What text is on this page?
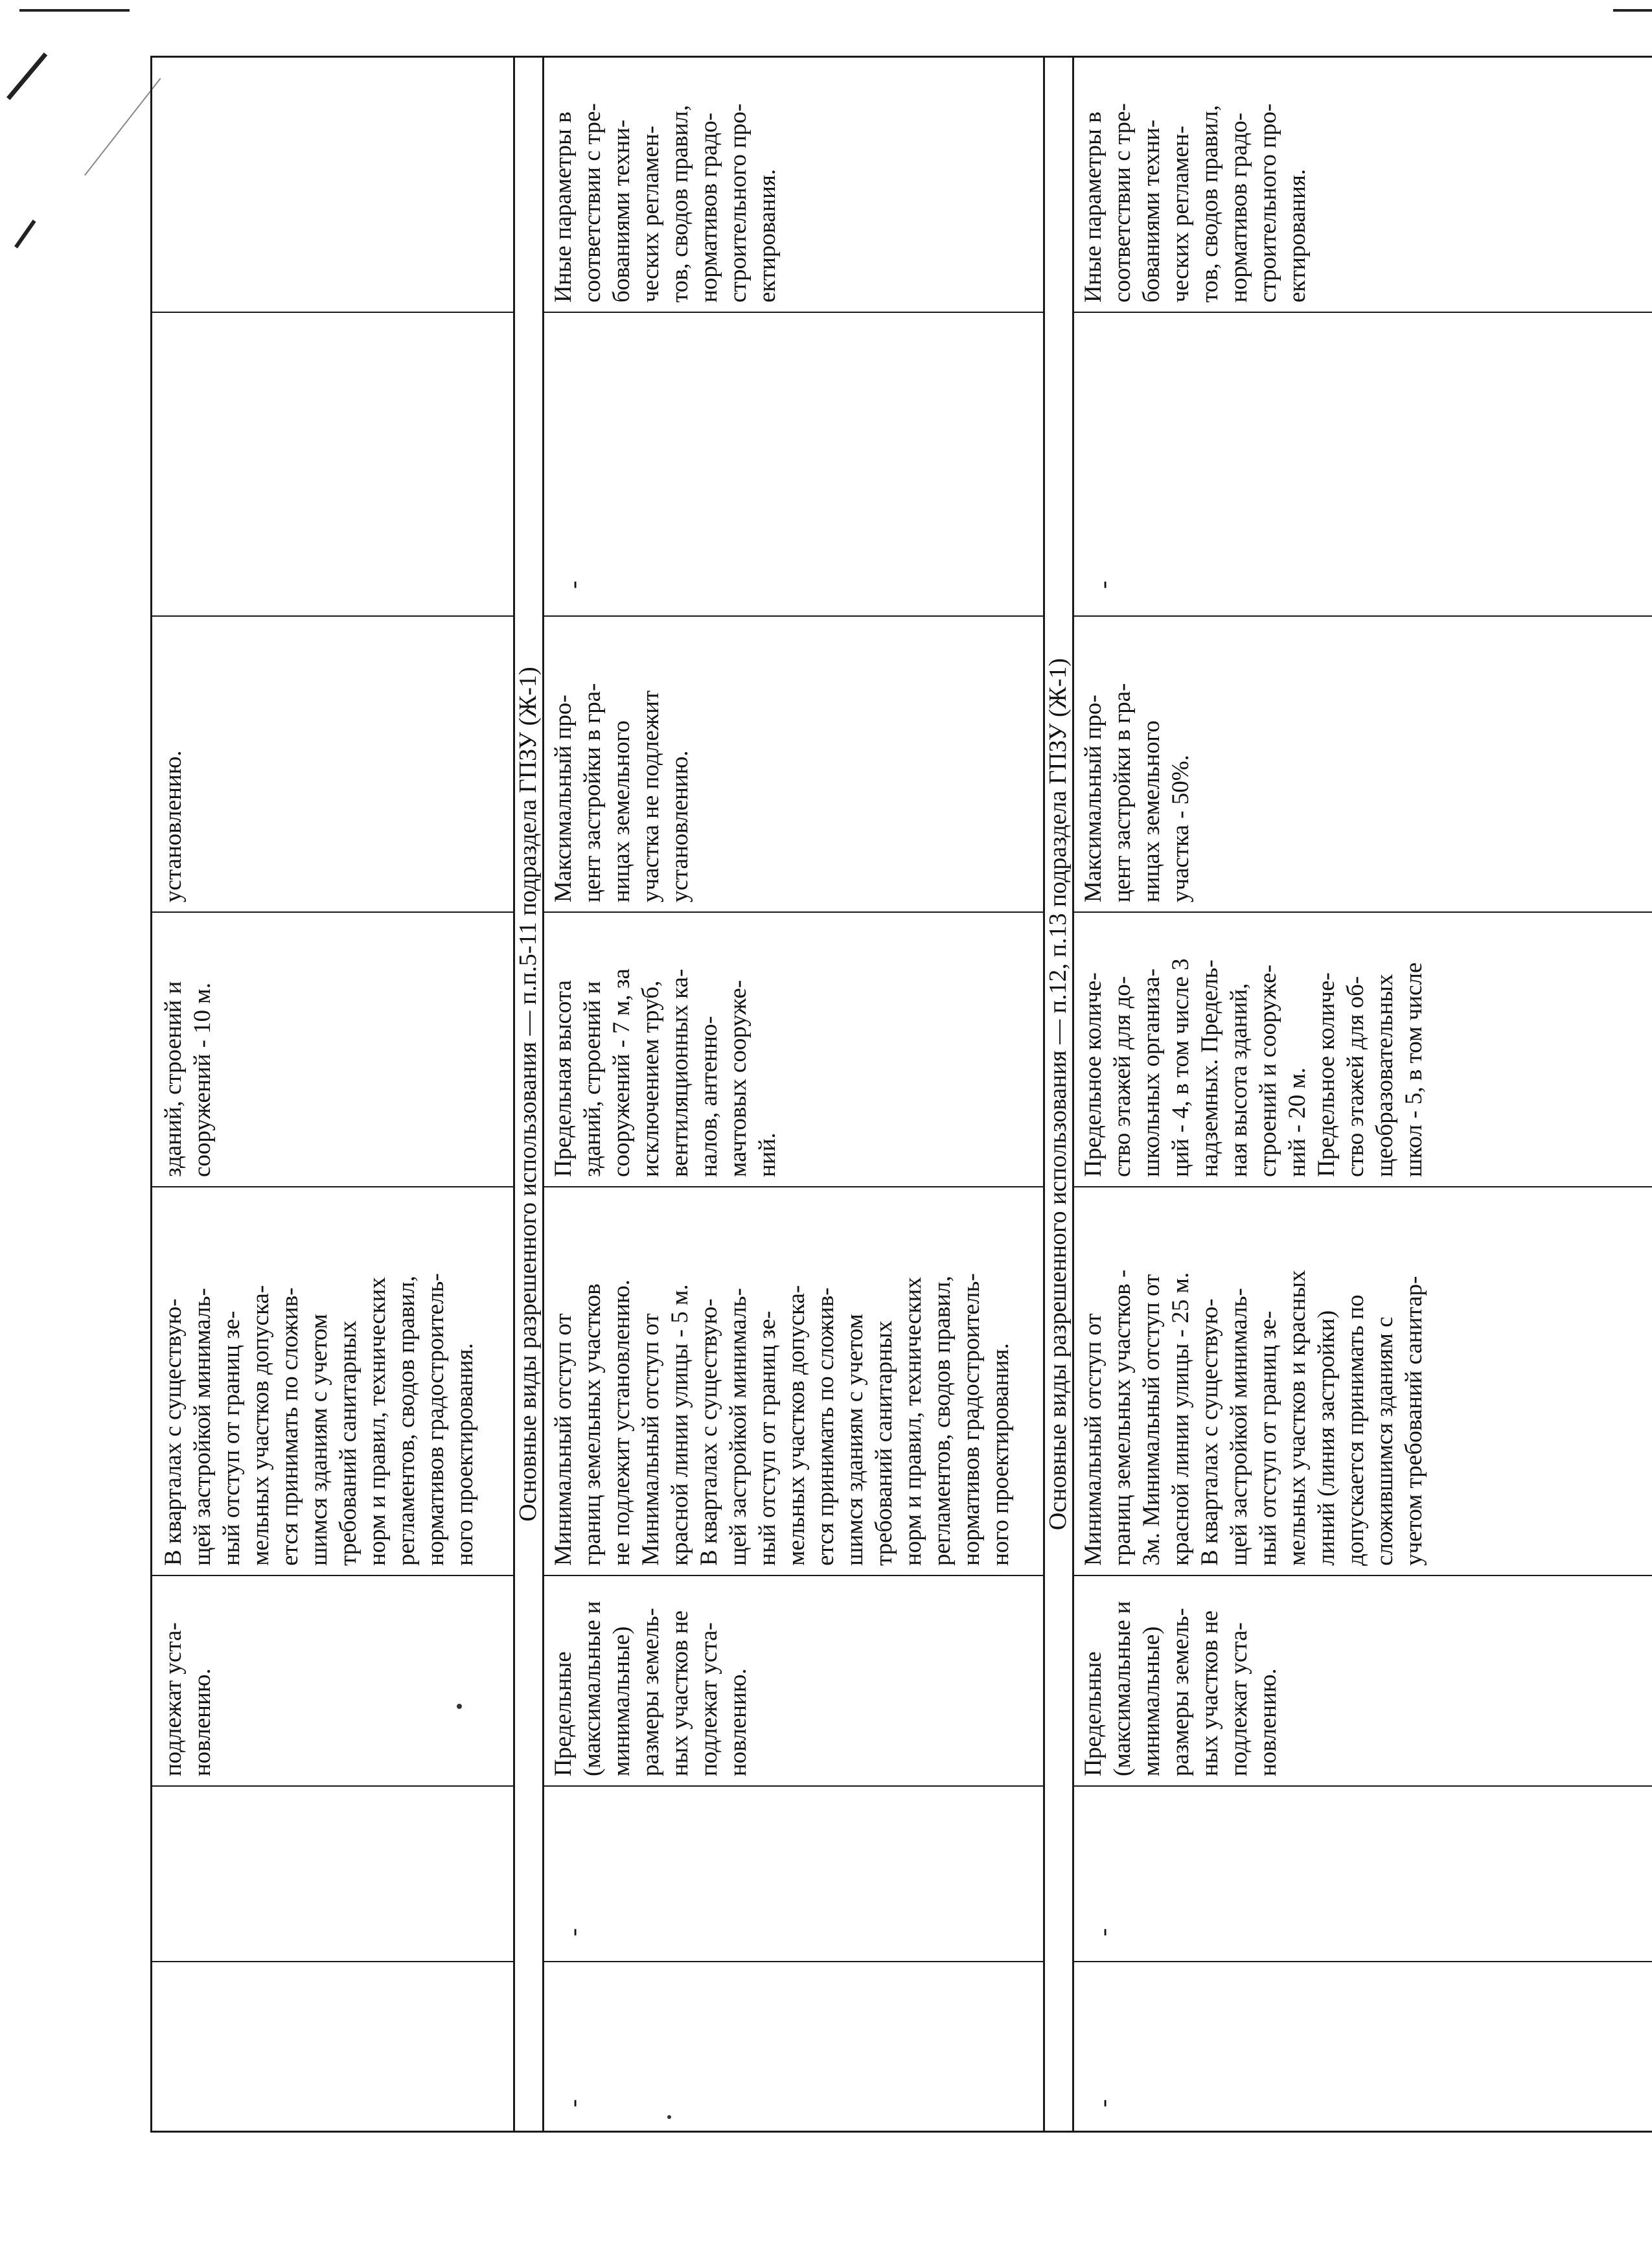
подлежат уста-
новлению.
В кварталах с существую-
щей застройкой минималь-
ный отступ от границ зе-
мельных участков допуска-
ется принимать по сложив-
шимся зданиям с учетом
требований санитарных
норм и правил, технических
регламентов, сводов правил,
нормативов градостроитель-
ного проектирования.
зданий, строений и
сооружений - 10 м.
установлению.	Основные виды разрешенного использования — п.п.5-11 подраздела ГПЗУ (Ж-1)
-
-
Предельные
(максимальные и
минимальные)
размеры земель-
ных участков не
подлежат уста-
новлению.
Минимальный отступ от
границ земельных участков
не подлежит установлению.
Минимальный отступ от
красной линии улицы - 5 м.
В кварталах с существую-
щей застройкой минималь-
ный отступ от границ зе-
мельных участков допуска-
ется принимать по сложив-
шимся зданиям с учетом
требований санитарных
норм и правил, технических
регламентов, сводов правил,
нормативов градостроитель-
ного проектирования.
Предельная высота
зданий, строений и
сооружений - 7 м, за
исключением труб,
вентиляционных ка-
налов, антенно-
мачтовых сооруже-
ний.
Максимальный про-
цент застройки в гра-
ницах земельного
участка не подлежит
установлению.
-
Иные параметры в
соответствии с тре-
бованиями техни-
ческих регламен-
тов, сводов правил,
нормативов градо-
строительного про-
ектирования.
Основные виды разрешенного использования — п.12, п.13 подраздела ГПЗУ (Ж-1)
-
-
Предельные
(максимальные и
минимальные)
размеры земель-
ных участков не
подлежат уста-
новлению.
Минимальный отступ от
границ земельных участков -
3м. Минимальный отступ от
красной линии улицы - 25 м.
В кварталах с существую-
щей застройкой минималь-
ный отступ от границ зе-
мельных участков и красных
линий (линия застройки)
допускается принимать по
сложившимся зданиям с
учетом требований санитар-
Предельное количе-
ство этажей для до-
школьных организа-
ций - 4, в том числе 3
надземных. Предель-
ная высота зданий,
строений и сооруже-
ний - 20 м.
Предельное количе-
ство этажей для об-
щеобразовательных
школ - 5, в том числе
Максимальный про-
цент застройки в гра-
ницах земельного
участка - 50%.
-
Иные параметры в
соответствии с тре-
бованиями техни-
ческих регламен-
тов, сводов правил,
нормативов градо-
строительного про-
ектирования.
